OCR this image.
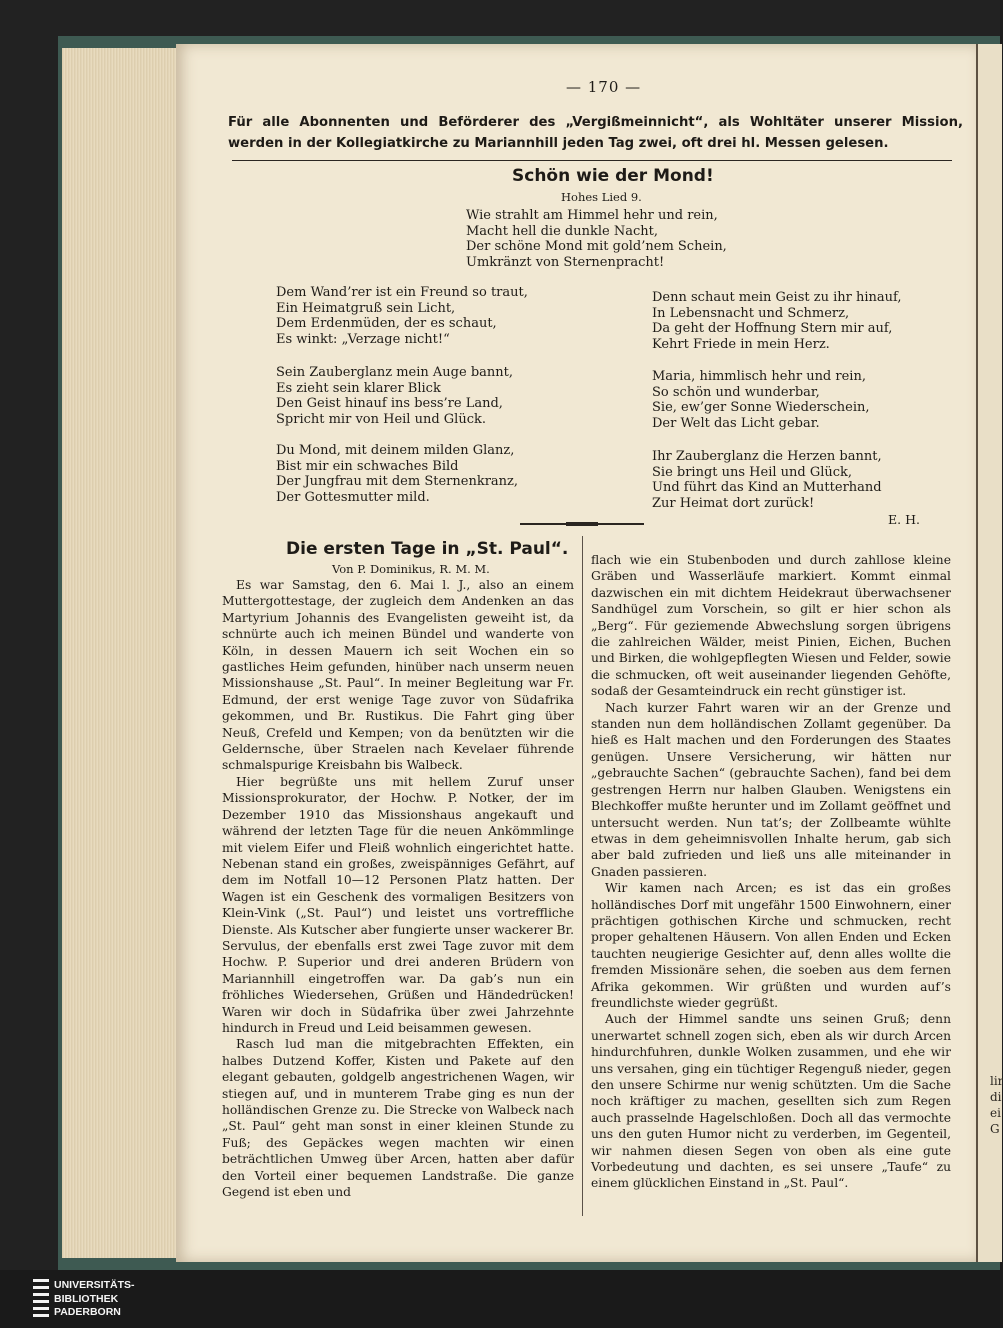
— 170 —
Für alle Abonnenten und Beförderer des „Vergißmeinnicht“, als Wohltäter unserer Mission, werden in der Kollegiatkirche zu Mariannhill jeden Tag zwei, oft drei hl. Messen gelesen.
Schön wie der Mond!
Hohes Lied 9.
Wie strahlt am Himmel hehr und rein,
Macht hell die dunkle Nacht,
Der schöne Mond mit gold’nem Schein,
Umkränzt von Sternenpracht!
Dem Wand’rer ist ein Freund so traut,
Ein Heimatgruß sein Licht,
Dem Erdenmüden, der es schaut,
Es winkt: „Verzage nicht!“
Sein Zauberglanz mein Auge bannt,
Es zieht sein klarer Blick
Den Geist hinauf ins bess’re Land,
Spricht mir von Heil und Glück.
Du Mond, mit deinem milden Glanz,
Bist mir ein schwaches Bild
Der Jungfrau mit dem Sternenkranz,
Der Gottesmutter mild.
Denn schaut mein Geist zu ihr hinauf,
In Lebensnacht und Schmerz,
Da geht der Hoffnung Stern mir auf,
Kehrt Friede in mein Herz.
Maria, himmlisch hehr und rein,
So schön und wunderbar,
Sie, ew’ger Sonne Wiederschein,
Der Welt das Licht gebar.
Ihr Zauberglanz die Herzen bannt,
Sie bringt uns Heil und Glück,
Und führt das Kind an Mutterhand
Zur Heimat dort zurück!
E. H.
Die ersten Tage in „St. Paul“.
Von P. Dominikus, R. M. M.

Es war Samstag, den 6. Mai l. J., also an einem Muttergottestage, der zugleich dem Andenken an das Martyrium Johannis des Evangelisten geweiht ist, da schnürte auch ich meinen Bündel und wanderte von Köln, in dessen Mauern ich seit Wochen ein so gastliches Heim gefunden, hinüber nach unserm neuen Missionshause „St. Paul“. In meiner Begleitung war Fr. Edmund, der erst wenige Tage zuvor von Südafrika gekommen, und Br. Rustikus. Die Fahrt ging über Neuß, Crefeld und Kempen; von da benützten wir die Geldernsche, über Straelen nach Kevelaer führende schmalspurige Kreisbahn bis Walbeck.

Hier begrüßte uns mit hellem Zuruf unser Missionsprokurator, der Hochw. P. Notker, der im Dezember 1910 das Missionshaus angekauft und während der letzten Tage für die neuen Ankömmlinge mit vielem Eifer und Fleiß wohnlich eingerichtet hatte. Nebenan stand ein großes, zweispänniges Gefährt, auf dem im Notfall 10—12 Personen Platz hatten. Der Wagen ist ein Geschenk des vormaligen Besitzers von Klein-Vink („St. Paul“) und leistet uns vortreffliche Dienste. Als Kutscher aber fungierte unser wackerer Br. Servulus, der ebenfalls erst zwei Tage zuvor mit dem Hochw. P. Superior und drei anderen Brüdern von Mariannhill eingetroffen war. Da gab’s nun ein fröhliches Wiedersehen, Grüßen und Händedrücken! Waren wir doch in Südafrika über zwei Jahrzehnte hindurch in Freud und Leid beisammen gewesen.

Rasch lud man die mitgebrachten Effekten, ein halbes Dutzend Koffer, Kisten und Pakete auf den elegant gebauten, goldgelb angestrichenen Wagen, wir stiegen auf, und in munterem Trabe ging es nun der holländischen Grenze zu. Die Strecke von Walbeck nach „St. Paul“ geht man sonst in einer kleinen Stunde zu Fuß; des Gepäckes wegen machten wir einen beträchtlichen Umweg über Arcen, hatten aber dafür den Vorteil einer bequemen Landstraße. Die ganze Gegend ist eben und

flach wie ein Stubenboden und durch zahllose kleine Gräben und Wasserläufe markiert. Kommt einmal dazwischen ein mit dichtem Heidekraut überwachsener Sandhügel zum Vorschein, so gilt er hier schon als „Berg“. Für geziemende Abwechslung sorgen übrigens die zahlreichen Wälder, meist Pinien, Eichen, Buchen und Birken, die wohlgepflegten Wiesen und Felder, sowie die schmucken, oft weit auseinander liegenden Gehöfte, sodaß der Gesamteindruck ein recht günstiger ist.

Nach kurzer Fahrt waren wir an der Grenze und standen nun dem holländischen Zollamt gegenüber. Da hieß es Halt machen und den Forderungen des Staates genügen. Unsere Versicherung, wir hätten nur „gebrauchte Sachen“ (gebrauchte Sachen), fand bei dem gestrengen Herrn nur halben Glauben. Wenigstens ein Blechkoffer mußte herunter und im Zollamt geöffnet und untersucht werden. Nun tat’s; der Zollbeamte wühlte etwas in dem geheimnisvollen Inhalte herum, gab sich aber bald zufrieden und ließ uns alle miteinander in Gnaden passieren.

Wir kamen nach Arcen; es ist das ein großes holländisches Dorf mit ungefähr 1500 Einwohnern, einer prächtigen gothischen Kirche und schmucken, recht proper gehaltenen Häusern. Von allen Enden und Ecken tauchten neugierige Gesichter auf, denn alles wollte die fremden Missionäre sehen, die soeben aus dem fernen Afrika gekommen. Wir grüßten und wurden auf’s freundlichste wieder gegrüßt.

Auch der Himmel sandte uns seinen Gruß; denn unerwartet schnell zogen sich, eben als wir durch Arcen hindurchfuhren, dunkle Wolken zusammen, und ehe wir uns versahen, ging ein tüchtiger Regenguß nieder, gegen den unsere Schirme nur wenig schützten. Um die Sache noch kräftiger zu machen, gesellten sich zum Regen auch prasselnde Hagelschloßen. Doch all das vermochte uns den guten Humor nicht zu verderben, im Gegenteil, wir nahmen diesen Segen von oben als eine gute Vorbedeutung und dachten, es sei unsere „Taufe“ zu einem glücklichen Einstand in „St. Paul“.

lir
di
ei
G
UNIVERSITÄTS-
BIBLIOTHEK
PADERBORN
